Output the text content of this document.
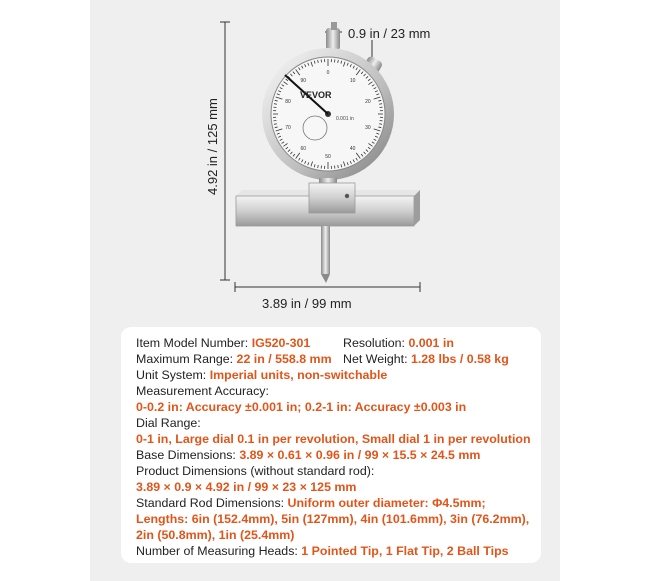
VEVOR
0.001 in
10
20
30
40
50
60
70
80
90
0
0.9 in / 23 mm
4.92 in / 125 mm
3.89 in / 99 mm
Item Model Number: IG520-301	Resolution: 0.001 in
Maximum Range: 22 in / 558.8 mm Net Weight: 1.28 lbs / 0.58 kg
Unit System: Imperial units, non-switchable
Measurement Accuracy:
0-0.2 in: Accuracy ±0.001 in; 0.2-1 in: Accuracy ±0.003 in
Dial Range:
0-1 in, Large dial 0.1 in per revolution, Small dial 1 in per revolution
Base Dimensions: 3.89 × 0.61 × 0.96 in / 99 × 15.5 × 24.5 mm
Product Dimensions (without standard rod):
3.89 × 0.9 × 4.92 in / 99 × 23 × 125 mm
Standard Rod Dimensions: Uniform outer diameter: Φ4.5mm;
Lengths: 6in (152.4mm), 5in (127mm), 4in (101.6mm), 3in (76.2mm),
2in (50.8mm), 1in (25.4mm)
Number of Measuring Heads: 1 Pointed Tip, 1 Flat Tip, 2 Ball Tips
